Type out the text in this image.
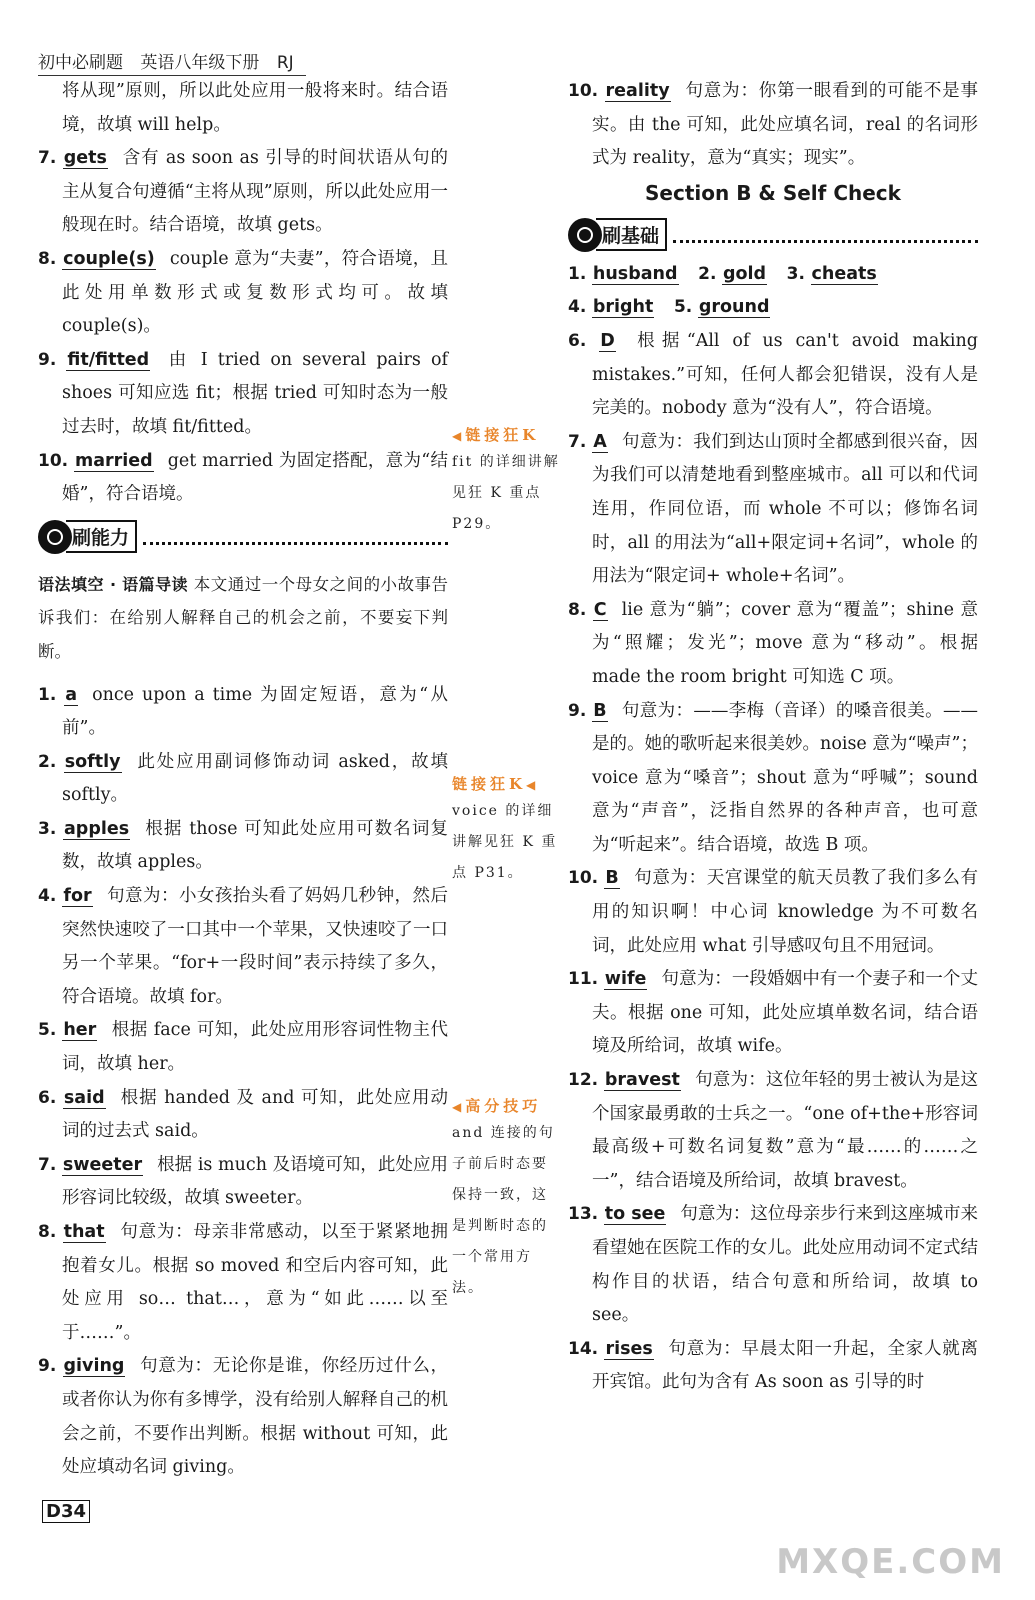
初中必刷题 英语八年级下册 RJ
将从现”原则，所以此处应用一般将来时。结合语境，故填 will help。
7. gets 含有 as soon as 引导的时间状语从句的主从复合句遵循“主将从现”原则，所以此处应用一般现在时。结合语境，故填 gets。
8. couple(s) couple 意为“夫妻”，符合语境，且此处用单数形式或复数形式均可。故填 couple(s)。
9. fit/fitted 由 I tried on several pairs of shoes 可知应选 fit；根据 tried 可知时态为一般过去时，故填 fit/fitted。
10. married get married 为固定搭配，意为“结婚”，符合语境。
刷能力
语法填空 · 语篇导读 本文通过一个母女之间的小故事告诉我们：在给别人解释自己的机会之前，不要妄下判断。
1. a once upon a time 为固定短语，意为“从前”。
2. softly 此处应用副词修饰动词 asked，故填 softly。
3. apples 根据 those 可知此处应用可数名词复数，故填 apples。
4. for 句意为：小女孩抬头看了妈妈几秒钟，然后突然快速咬了一口其中一个苹果，又快速咬了一口另一个苹果。“for+一段时间”表示持续了多久，符合语境。故填 for。
5. her 根据 face 可知，此处应用形容词性物主代词，故填 her。
6. said 根据 handed 及 and 可知，此处应用动词的过去式 said。
7. sweeter 根据 is much 及语境可知，此处应用形容词比较级，故填 sweeter。
8. that 句意为：母亲非常感动，以至于紧紧地拥抱着女儿。根据 so moved 和空后内容可知，此处应用 so… that…，意为“如此……以至于……”。
9. giving 句意为：无论你是谁，你经历过什么，或者你认为你有多博学，没有给别人解释自己的机会之前，不要作出判断。根据 without 可知，此处应填动名词 giving。
◀链接狂K
fit 的详细讲解见狂 K 重点 P29。
链接狂K◀
voice 的详细讲解见狂 K 重点 P31。
◀高分技巧
and 连接的句子前后时态要保持一致，这是判断时态的一个常用方法。
10. reality 句意为：你第一眼看到的可能不是事实。由 the 可知，此处应填名词，real 的名词形式为 reality，意为“真实；现实”。
Section B & Self Check
刷基础
1. husband 2. gold 3. cheats
4. bright 5. ground
6. D 根据“All of us can't avoid making mistakes.”可知，任何人都会犯错误，没有人是完美的。nobody 意为“没有人”，符合语境。
7. A 句意为：我们到达山顶时全都感到很兴奋，因为我们可以清楚地看到整座城市。all 可以和代词连用，作同位语，而 whole 不可以；修饰名词时，all 的用法为“all+限定词+名词”，whole 的用法为“限定词+ whole+名词”。
8. C lie 意为“躺”；cover 意为“覆盖”；shine 意为“照耀；发光”；move 意为“移动”。根据 made the room bright 可知选 C 项。
9. B 句意为：——李梅（音译）的嗓音很美。——是的。她的歌听起来很美妙。noise 意为“噪声”；voice 意为“嗓音”；shout 意为“呼喊”；sound 意为“声音”，泛指自然界的各种声音，也可意为“听起来”。结合语境，故选 B 项。
10. B 句意为：天宫课堂的航天员教了我们多么有用的知识啊！中心词 knowledge 为不可数名词，此处应用 what 引导感叹句且不用冠词。
11. wife 句意为：一段婚姻中有一个妻子和一个丈夫。根据 one 可知，此处应填单数名词，结合语境及所给词，故填 wife。
12. bravest 句意为：这位年轻的男士被认为是这个国家最勇敢的士兵之一。“one of+the+形容词最高级+可数名词复数”意为“最……的……之一”，结合语境及所给词，故填 bravest。
13. to see 句意为：这位母亲步行来到这座城市来看望她在医院工作的女儿。此处应用动词不定式结构作目的状语，结合句意和所给词，故填 to see。
14. rises 句意为：早晨太阳一升起，全家人就离开宾馆。此句为含有 As soon as 引导的时
D34
MXQE.COM
